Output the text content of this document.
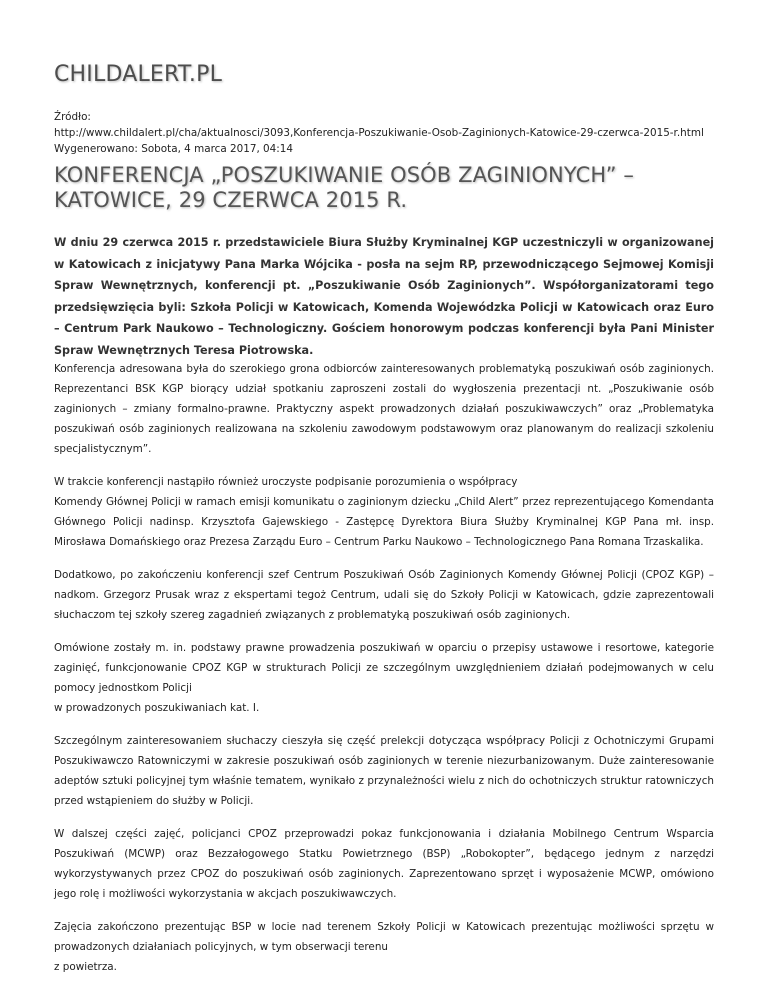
CHILDALERT.PL
Źródło:
http://www.childalert.pl/cha/aktualnosci/3093,Konferencja-Poszukiwanie-Osob-Zaginionych-Katowice-29-czerwca-2015-r.html
Wygenerowano: Sobota, 4 marca 2017, 04:14
KONFERENCJA „POSZUKIWANIE OSÓB ZAGINIONYCH” – KATOWICE, 29 CZERWCA 2015 R.

W dniu 29 czerwca 2015 r. przedstawiciele Biura Służby Kryminalnej KGP uczestniczyli w organizowanej w Katowicach z inicjatywy Pana Marka Wójcika - posła na sejm RP, przewodniczącego Sejmowej Komisji Spraw Wewnętrznych, konferencji pt. „Poszukiwanie Osób Zaginionych”. Współorganizatorami tego przedsięwzięcia byli: Szkoła Policji w Katowicach, Komenda Wojewódzka Policji w Katowicach oraz Euro – Centrum Park Naukowo – Technologiczny. Gościem honorowym podczas konferencji była Pani Minister Spraw Wewnętrznych Teresa Piotrowska.

Konferencja adresowana była do szerokiego grona odbiorców zainteresowanych problematyką poszukiwań osób zaginionych. Reprezentanci BSK KGP biorący udział spotkaniu zaproszeni zostali do wygłoszenia prezentacji nt. „Poszukiwanie osób zaginionych – zmiany formalno-prawne. Praktyczny aspekt prowadzonych działań poszukiwawczych” oraz „Problematyka poszukiwań osób zaginionych realizowana na szkoleniu zawodowym podstawowym oraz planowanym do realizacji szkoleniu specjalistycznym”.

W trakcie konferencji nastąpiło również uroczyste podpisanie porozumienia o współpracy
Komendy Głównej Policji w ramach emisji komunikatu o zaginionym dziecku „Child Alert” przez reprezentującego Komendanta Głównego Policji nadinsp. Krzysztofa Gajewskiego - Zastępcę Dyrektora Biura Służby Kryminalnej KGP Pana mł. insp. Mirosława Domańskiego oraz Prezesa Zarządu Euro – Centrum Parku Naukowo – Technologicznego Pana Romana Trzaskalika.

Dodatkowo, po zakończeniu konferencji szef Centrum Poszukiwań Osób Zaginionych Komendy Głównej Policji (CPOZ KGP) – nadkom. Grzegorz Prusak wraz z ekspertami tegoż Centrum, udali się do Szkoły Policji w Katowicach, gdzie zaprezentowali słuchaczom tej szkoły szereg zagadnień związanych z problematyką poszukiwań osób zaginionych.

Omówione zostały m. in. podstawy prawne prowadzenia poszukiwań w oparciu o przepisy ustawowe i resortowe, kategorie zaginięć, funkcjonowanie CPOZ KGP w strukturach Policji ze szczególnym uwzględnieniem działań podejmowanych w celu pomocy jednostkom Policji
w prowadzonych poszukiwaniach kat. I.

Szczególnym zainteresowaniem słuchaczy cieszyła się część prelekcji dotycząca współpracy Policji z Ochotniczymi Grupami Poszukiwawczo Ratowniczymi w zakresie poszukiwań osób zaginionych w terenie niezurbanizowanym. Duże zainteresowanie adeptów sztuki policyjnej tym właśnie tematem, wynikało z przynależności wielu z nich do ochotniczych struktur ratowniczych przed wstąpieniem do służby w Policji.

W dalszej części zajęć, policjanci CPOZ przeprowadzi pokaz funkcjonowania i działania Mobilnego Centrum Wsparcia Poszukiwań (MCWP) oraz Bezzałogowego Statku Powietrznego (BSP) „Robokopter”, będącego jednym z narzędzi wykorzystywanych przez CPOZ do poszukiwań osób zaginionych. Zaprezentowano sprzęt i wyposażenie MCWP, omówiono jego rolę i możliwości wykorzystania w akcjach poszukiwawczych.

Zajęcia zakończono prezentując BSP w locie nad terenem Szkoły Policji w Katowicach prezentując możliwości sprzętu w prowadzonych działaniach policyjnych, w tym obserwacji terenu
z powietrza.
